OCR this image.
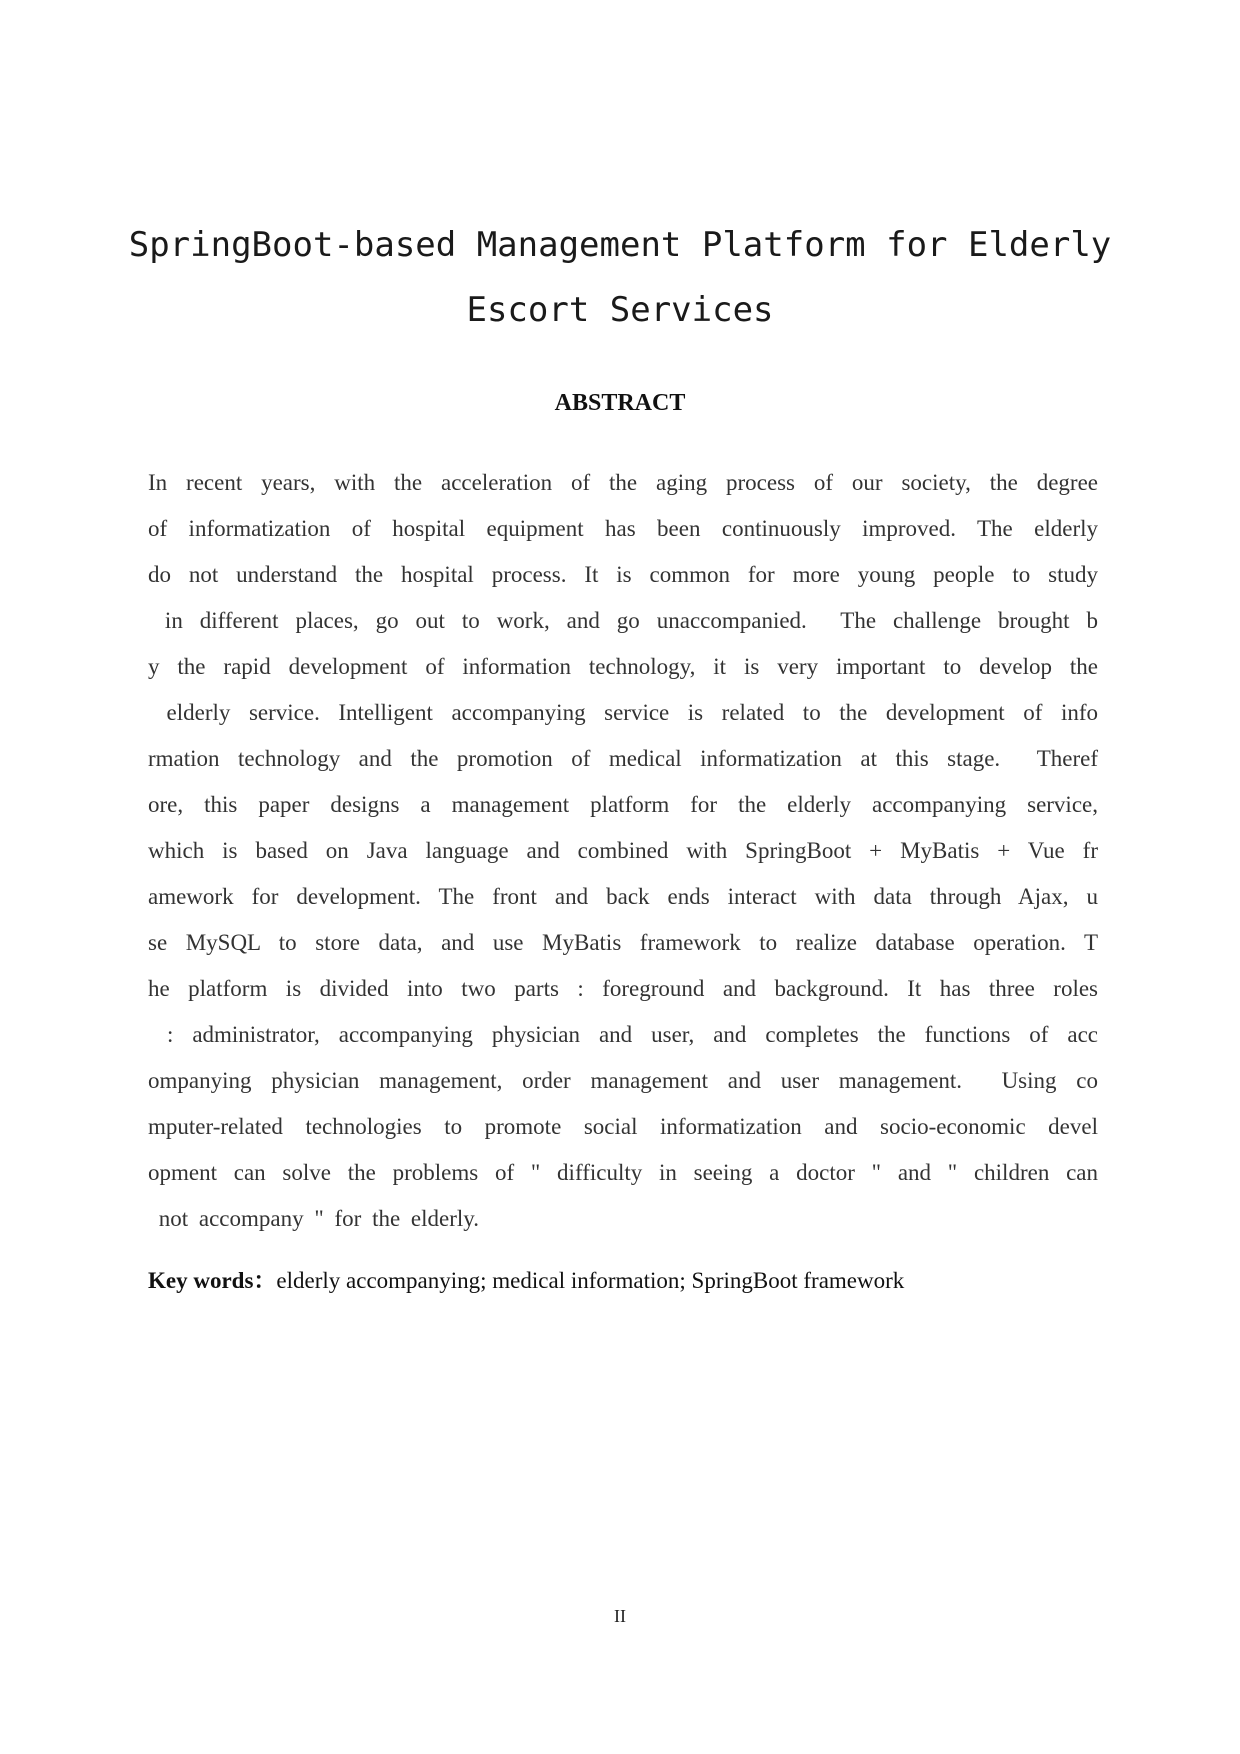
SpringBoot-based Management Platform for Elderly
Escort Services
ABSTRACT
In recent years, with the acceleration of the aging process of our society, the degree
of informatization of hospital equipment has been continuously improved. The elderly
do not understand the hospital process. It is common for more young people to study
in different places, go out to work, and go unaccompanied.  The challenge brought b
y the rapid development of information technology, it is very important to develop the
elderly service. Intelligent accompanying service is related to the development of info
rmation technology and the promotion of medical informatization at this stage.  Theref
ore, this paper designs a management platform for the elderly accompanying service,
which is based on Java language and combined with SpringBoot + MyBatis + Vue fr
amework for development. The front and back ends interact with data through Ajax, u
se MySQL to store data, and use MyBatis framework to realize database operation. T
he platform is divided into two parts : foreground and background. It has three roles
: administrator, accompanying physician and user, and completes the functions of acc
ompanying physician management, order management and user management.  Using co
mputer-related technologies to promote social informatization and socio-economic devel
opment can solve the problems of " difficulty in seeing a doctor " and " children can
not accompany " for the elderly.
Key words：elderly accompanying; medical information; SpringBoot framework
II
